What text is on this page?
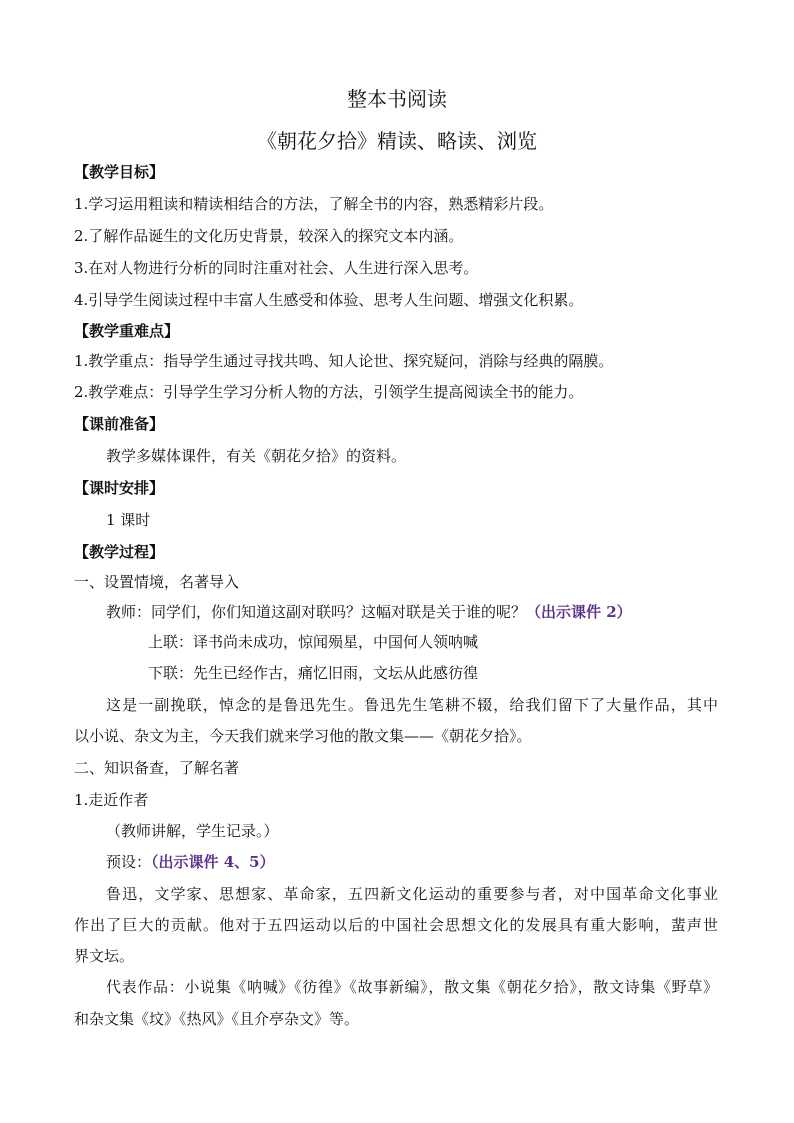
整本书阅读
《朝花夕拾》精读、略读、浏览
【教学目标】
1.学习运用粗读和精读相结合的方法，了解全书的内容，熟悉精彩片段。
2.了解作品诞生的文化历史背景，较深入的探究文本内涵。
3.在对人物进行分析的同时注重对社会、人生进行深入思考。
4.引导学生阅读过程中丰富人生感受和体验、思考人生问题、增强文化积累。
【教学重难点】
1.教学重点：指导学生通过寻找共鸣、知人论世、探究疑问，消除与经典的隔膜。
2.教学难点：引导学生学习分析人物的方法，引领学生提高阅读全书的能力。
【课前准备】
教学多媒体课件，有关《朝花夕拾》的资料。
【课时安排】
1 课时
【教学过程】
一、设置情境，名著导入
教师：同学们，你们知道这副对联吗？这幅对联是关于谁的呢？（出示课件 2）
上联：译书尚未成功，惊闻殒星，中国何人领呐喊
下联：先生已经作古，痛忆旧雨，文坛从此感彷徨
这是一副挽联，悼念的是鲁迅先生。鲁迅先生笔耕不辍，给我们留下了大量作品，其中
以小说、杂文为主，今天我们就来学习他的散文集——《朝花夕拾》。
二、知识备查，了解名著
1.走近作者
（教师讲解，学生记录。）
预设：（出示课件 4、5）
鲁迅，文学家、思想家、革命家，五四新文化运动的重要参与者，对中国革命文化事业
作出了巨大的贡献。他对于五四运动以后的中国社会思想文化的发展具有重大影响，蜚声世
界文坛。
代表作品：小说集《呐喊》《彷徨》《故事新编》，散文集《朝花夕拾》，散文诗集《野草》
和杂文集《坟》《热风》《且介亭杂文》等。
